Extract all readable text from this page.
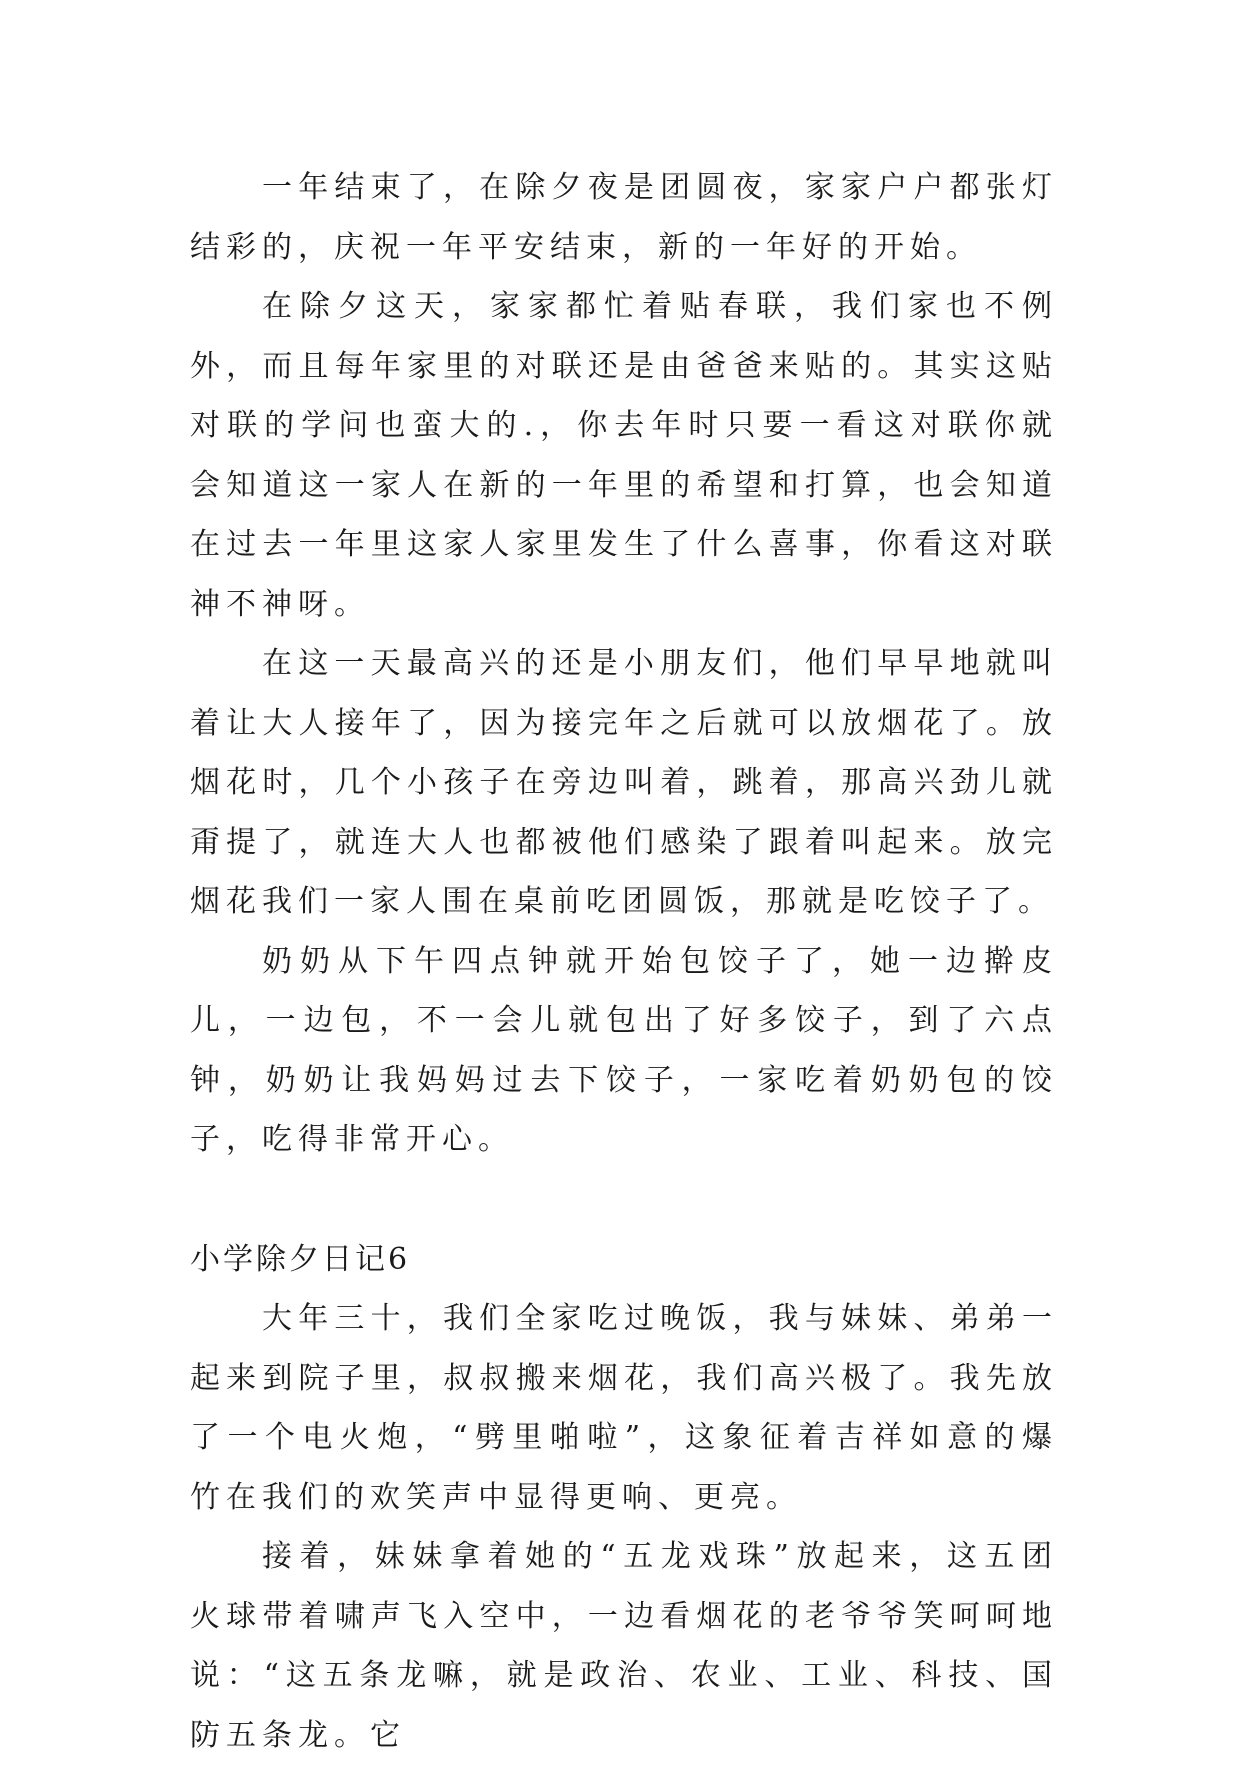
一年结束了，在除夕夜是团圆夜，家家户户都张灯结彩的，庆祝一年平安结束，新的一年好的开始。

在除夕这天，家家都忙着贴春联，我们家也不例外，而且每年家里的对联还是由爸爸来贴的。其实这贴对联的学问也蛮大的.，你去年时只要一看这对联你就会知道这一家人在新的一年里的希望和打算，也会知道在过去一年里这家人家里发生了什么喜事，你看这对联神不神呀。

在这一天最高兴的还是小朋友们，他们早早地就叫着让大人接年了，因为接完年之后就可以放烟花了。放烟花时，几个小孩子在旁边叫着，跳着，那高兴劲儿就甭提了，就连大人也都被他们感染了跟着叫起来。放完烟花我们一家人围在桌前吃团圆饭，那就是吃饺子了。

奶奶从下午四点钟就开始包饺子了，她一边擀皮儿，一边包，不一会儿就包出了好多饺子，到了六点钟，奶奶让我妈妈过去下饺子，一家吃着奶奶包的饺子，吃得非常开心。

小学除夕日记6

大年三十，我们全家吃过晚饭，我与妹妹、弟弟一起来到院子里，叔叔搬来烟花，我们高兴极了。我先放了一个电火炮，“劈里啪啦”，这象征着吉祥如意的爆竹在我们的欢笑声中显得更响、更亮。

接着，妹妹拿着她的“五龙戏珠”放起来，这五团火球带着啸声飞入空中，一边看烟花的老爷爷笑呵呵地说：“这五条龙嘛，就是政治、农业、工业、科技、国防五条龙。它
